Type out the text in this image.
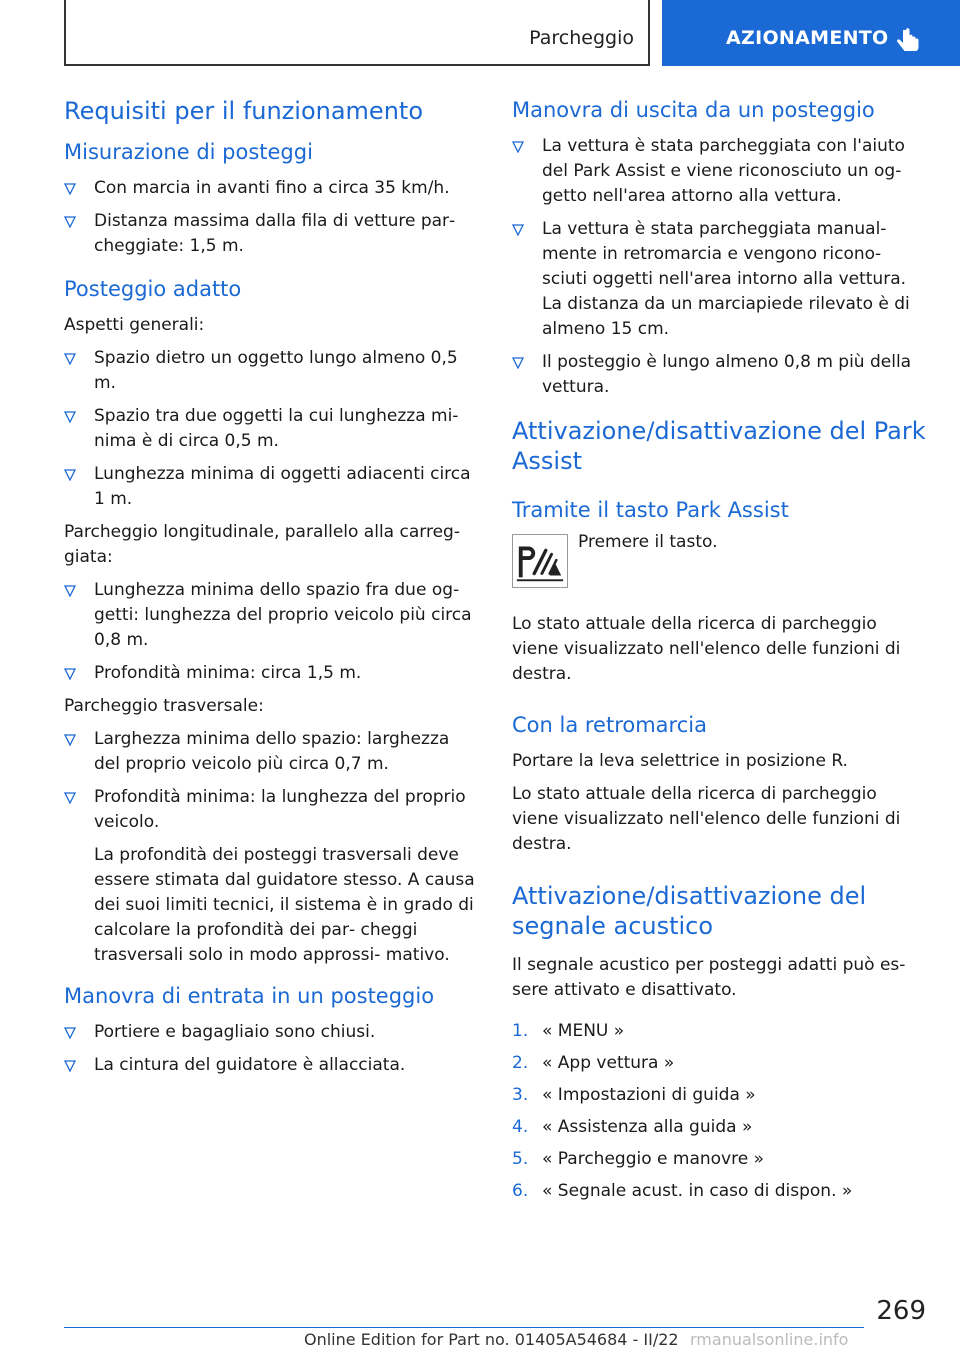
Parcheggio	AZIONAMENTO
Requisiti per il funzionamento
Misurazione di posteggi
Con marcia in avanti fino a circa 35 km/h.
Distanza massima dalla fila di vetture par‐ cheggiate: 1,5 m.
Posteggio adatto

Aspetti generali:

Spazio dietro un oggetto lungo almeno 0,5 m.
Spazio tra due oggetti la cui lunghezza mi‐ nima è di circa 0,5 m.
Lunghezza minima di oggetti adiacenti circa 1 m.

Parcheggio longitudinale, parallelo alla carreg‐ giata:

Lunghezza minima dello spazio fra due og‐ getti: lunghezza del proprio veicolo più circa 0,8 m.
Profondità minima: circa 1,5 m.

Parcheggio trasversale:

Larghezza minima dello spazio: larghezza del proprio veicolo più circa 0,7 m.
Profondità minima: la lunghezza del proprio veicolo.
La profondità dei posteggi trasversali deve essere stimata dal guidatore stesso. A causa dei suoi limiti tecnici, il sistema è in grado di calcolare la profondità dei par‐ cheggi trasversali solo in modo approssi‐ mativo.
Manovra di entrata in un posteggio
Portiere e bagagliaio sono chiusi.
La cintura del guidatore è allacciata.
Manovra di uscita da un posteggio
La vettura è stata parcheggiata con l'aiuto del Park Assist e viene riconosciuto un og‐ getto nell'area attorno alla vettura.
La vettura è stata parcheggiata manual‐ mente in retromarcia e vengono ricono‐ sciuti oggetti nell'area intorno alla vettura. La distanza da un marciapiede rilevato è di almeno 15 cm.
Il posteggio è lungo almeno 0,8 m più della vettura.
Attivazione/disattivazione del Park Assist
Tramite il tasto Park Assist
Premere il tasto.

Lo stato attuale della ricerca di parcheggio viene visualizzato nell'elenco delle funzioni di destra.

Con la retromarcia

Portare la leva selettrice in posizione R.

Lo stato attuale della ricerca di parcheggio viene visualizzato nell'elenco delle funzioni di destra.

Attivazione/disattivazione del segnale acustico

Il segnale acustico per posteggi adatti può es‐ sere attivato e disattivato.

1. « MENU »
2. « App vettura »
3. « Impostazioni di guida »
4. « Assistenza alla guida »
5. « Parcheggio e manovre »
6. « Segnale acust. in caso di dispon. »
269
Online Edition for Part no. 01405A54684 - II/22 rmanualsonline.info
